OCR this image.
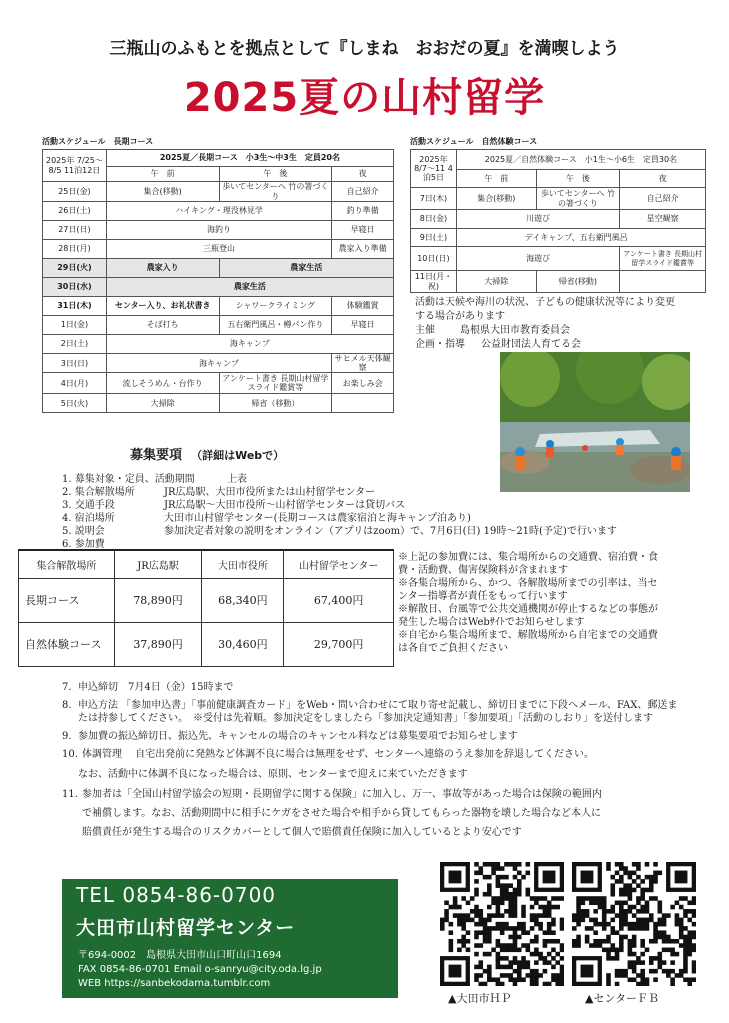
三瓶山のふもとを拠点として『しまね　おおだの夏』を満喫しよう
2025夏の山村留学
活動スケジュール　長期コース
2025年 7/25～8/5 11泊12日	2025夏／長期コース　小3生～中3生　定員20名		
	午　前	午　後	夜
25日(金)	集合(移動)	歩いてセンターへ 竹の箸づくり	自己紹介
26日(土)	ハイキング・理没林見学		釣り準備
27日(日)	海釣り		早寝日
28日(月)	三瓶登山		農家入り準備
29日(火)	農家入り	農家生活	
30日(水)	農家生活		
31日(木)	センター入り、お礼状書き	シャワークライミング	体験鑑賞
1日(金)	そば打ち	五右衛門風呂・樽パン作り	早寝日
2日(土)	海キャンプ		
3日(日)	海キャンプ		サヒメル天体観察
4日(月)	流しそうめん・台作り	アンケート書き 長期山村留学スライド鑑賞等	お楽しみ会
5日(火)	大掃除	帰省（移動）	
活動スケジュール　自然体験コース
2025年 8/7～11 4泊5日	2025夏／自然体験コース　小1生～小6生　定員30名		
	午　前	午　後	夜
7日(木)	集合(移動)	歩いてセンターへ 竹の箸づくり	自己紹介
8日(金)	川遊び		星空観察
9日(土)	デイキャンプ、五右衛門風呂		
10日(日)	海遊び		アンケート書き 長期山村留学スライド鑑賞等
11日(月・祝)	大掃除	帰省(移動)	
活動は天候や海川の状況、子どもの健康状況等により変更
する場合があります
主催	島根県大田市教育委員会
企画・指導	公益財団法人育てる会
募集要項 （詳細はWebで）
1. 募集対象・定員、活動期間	上表
2. 集合解散場所	JR広島駅、大田市役所または山村留学センター
3. 交通手段	JR広島駅～大田市役所～山村留学センターは貸切バス
4. 宿泊場所	大田市山村留学センター(長期コースは農家宿泊と海キャンプ泊あり)
5. 説明会	参加決定者対象の説明をオンライン（アプリはzoom）で、7月6日(日) 19時～21時(予定)で行います
6. 参加費
集合解散場所	JR広島駅	大田市役所	山村留学センター
長期コース	78,890円	68,340円	67,400円
自然体験コース	37,890円	30,460円	29,700円
※上記の参加費には、集合場所からの交通費、宿泊費・食
費・活動費、傷害保険料が含まれます
※各集合場所から、かつ、各解散場所までの引率は、当セ
ンター指導者が責任をもって行います
※解散日、台風等で公共交通機関が停止するなどの事態が
発生した場合はWebｻｲﾄでお知らせします
※自宅から集合場所まで、解散場所から自宅までの交通費
は各自でご負担ください
7. 申込締切　7月4日（金）15時まで
8. 申込方法 「参加申込書」「事前健康調査カード」をWeb・問い合わせにて取り寄せ記載し、締切日までに下段へメール、FAX、郵送または持参してください。　※受付は先着順。参加決定をしましたら「参加決定通知書」「参加要項」「活動のしおり」を送付します
9. 参加費の振込締切日、振込先、キャンセルの場合のキャンセル料などは募集要項でお知らせします
10. 体調管理　 自宅出発前に発熱など体調不良に場合は無理をせず、センターへ連絡のうえ参加を辞退してください。
なお、活動中に体調不良になった場合は、原則、センターまで迎えに来ていただきます
11. 参加者は「全国山村留学協会の短期・長期留学に関する保険」に加入し、万一、事故等があった場合は保険の範囲内
で補償します。なお、活動期間中に相手にケガをさせた場合や相手から貸してもらった器物を壊した場合など本人に
賠償責任が発生する場合のリスクカバーとして個人で賠償責任保険に加入しているとより安心です
TEL 0854-86-0700
大田市山村留学センター
〒694-0002　島根県大田市山口町山口1694
FAX 0854-86-0701 Email o-sanryu@city.oda.lg.jp
WEB https://sanbekodama.tumblr.com
▲大田市ＨＰ	▲センターＦＢ
